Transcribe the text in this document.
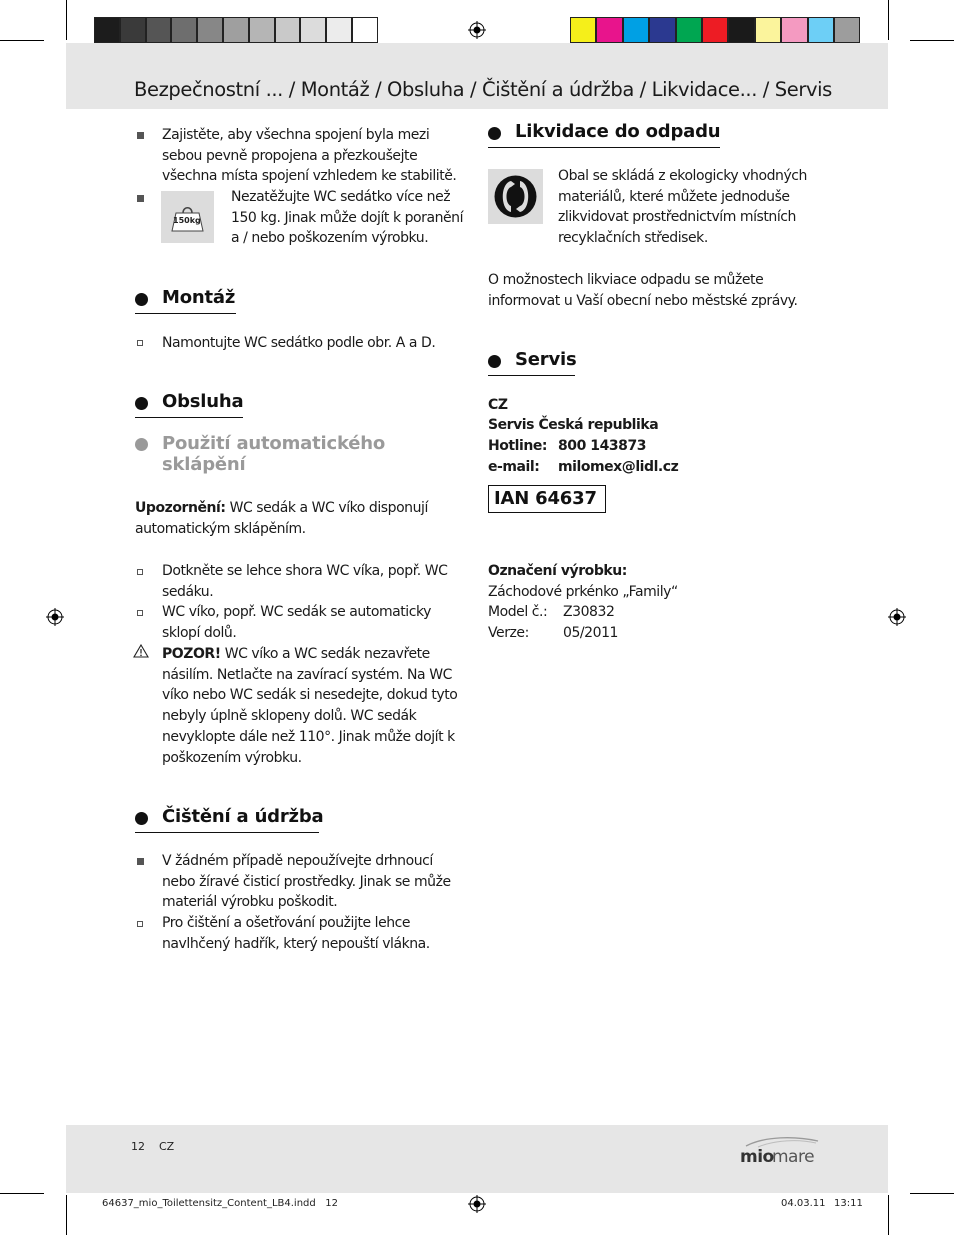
Bezpečnostní ... / Montáž / Obsluha / Čištění a údržba / Likvidace... / Servis
Zajistěte, aby všechna spojení byla mezi sebou pevně propojena a přezkoušejte všechna místa spojení vzhledem ke stabilitě.
150kg
Nezatěžujte WC sedátko více než 150 kg. Jinak může dojít k poranění a / nebo poškozením výrobku.
Montáž
Namontujte WC sedátko podle obr. A a D.
Obsluha
Použití automatického sklápění
Upozornění: WC sedák a WC víko disponují automatickým sklápěním.
Dotkněte se lehce shora WC víka, popř. WC sedáku.
WC víko, popř. WC sedák se automaticky sklopí dolů.
POZOR! WC víko a WC sedák nezavřete násilím. Netlačte na zavírací systém. Na WC víko nebo WC sedák si nesedejte, dokud tyto nebyly úplně sklopeny dolů. WC sedák nevyklopte dále než 110°. Jinak může dojít k poškozením výrobku.
Čištění a údržba
V žádném případě nepoužívejte drhnoucí nebo žíravé čisticí prostředky. Jinak se může materiál výrobku poškodit.
Pro čištění a ošetřování použijte lehce navlhčený hadřík, který nepouští vlákna.
Likvidace do odpadu
Obal se skládá z ekologicky vhodných materiálů, které můžete jednoduše zlikvidovat prostřednictvím místních recyklačních středisek.
O možnostech likviace odpadu se můžete informovat u Vaší obecní nebo městské zprávy.
Servis
CZ
Servis Česká republika
Hotline: 800 143873
e-mail: milomex@lidl.cz
IAN 64637
Označení výrobku:
Záchodové prkénko „Family“
Model č.: Z30832
Verze: 05/2011
12 CZ
mio
mare
64637_mio_Toilettensitz_Content_LB4.indd   12	04.03.11 13:11
